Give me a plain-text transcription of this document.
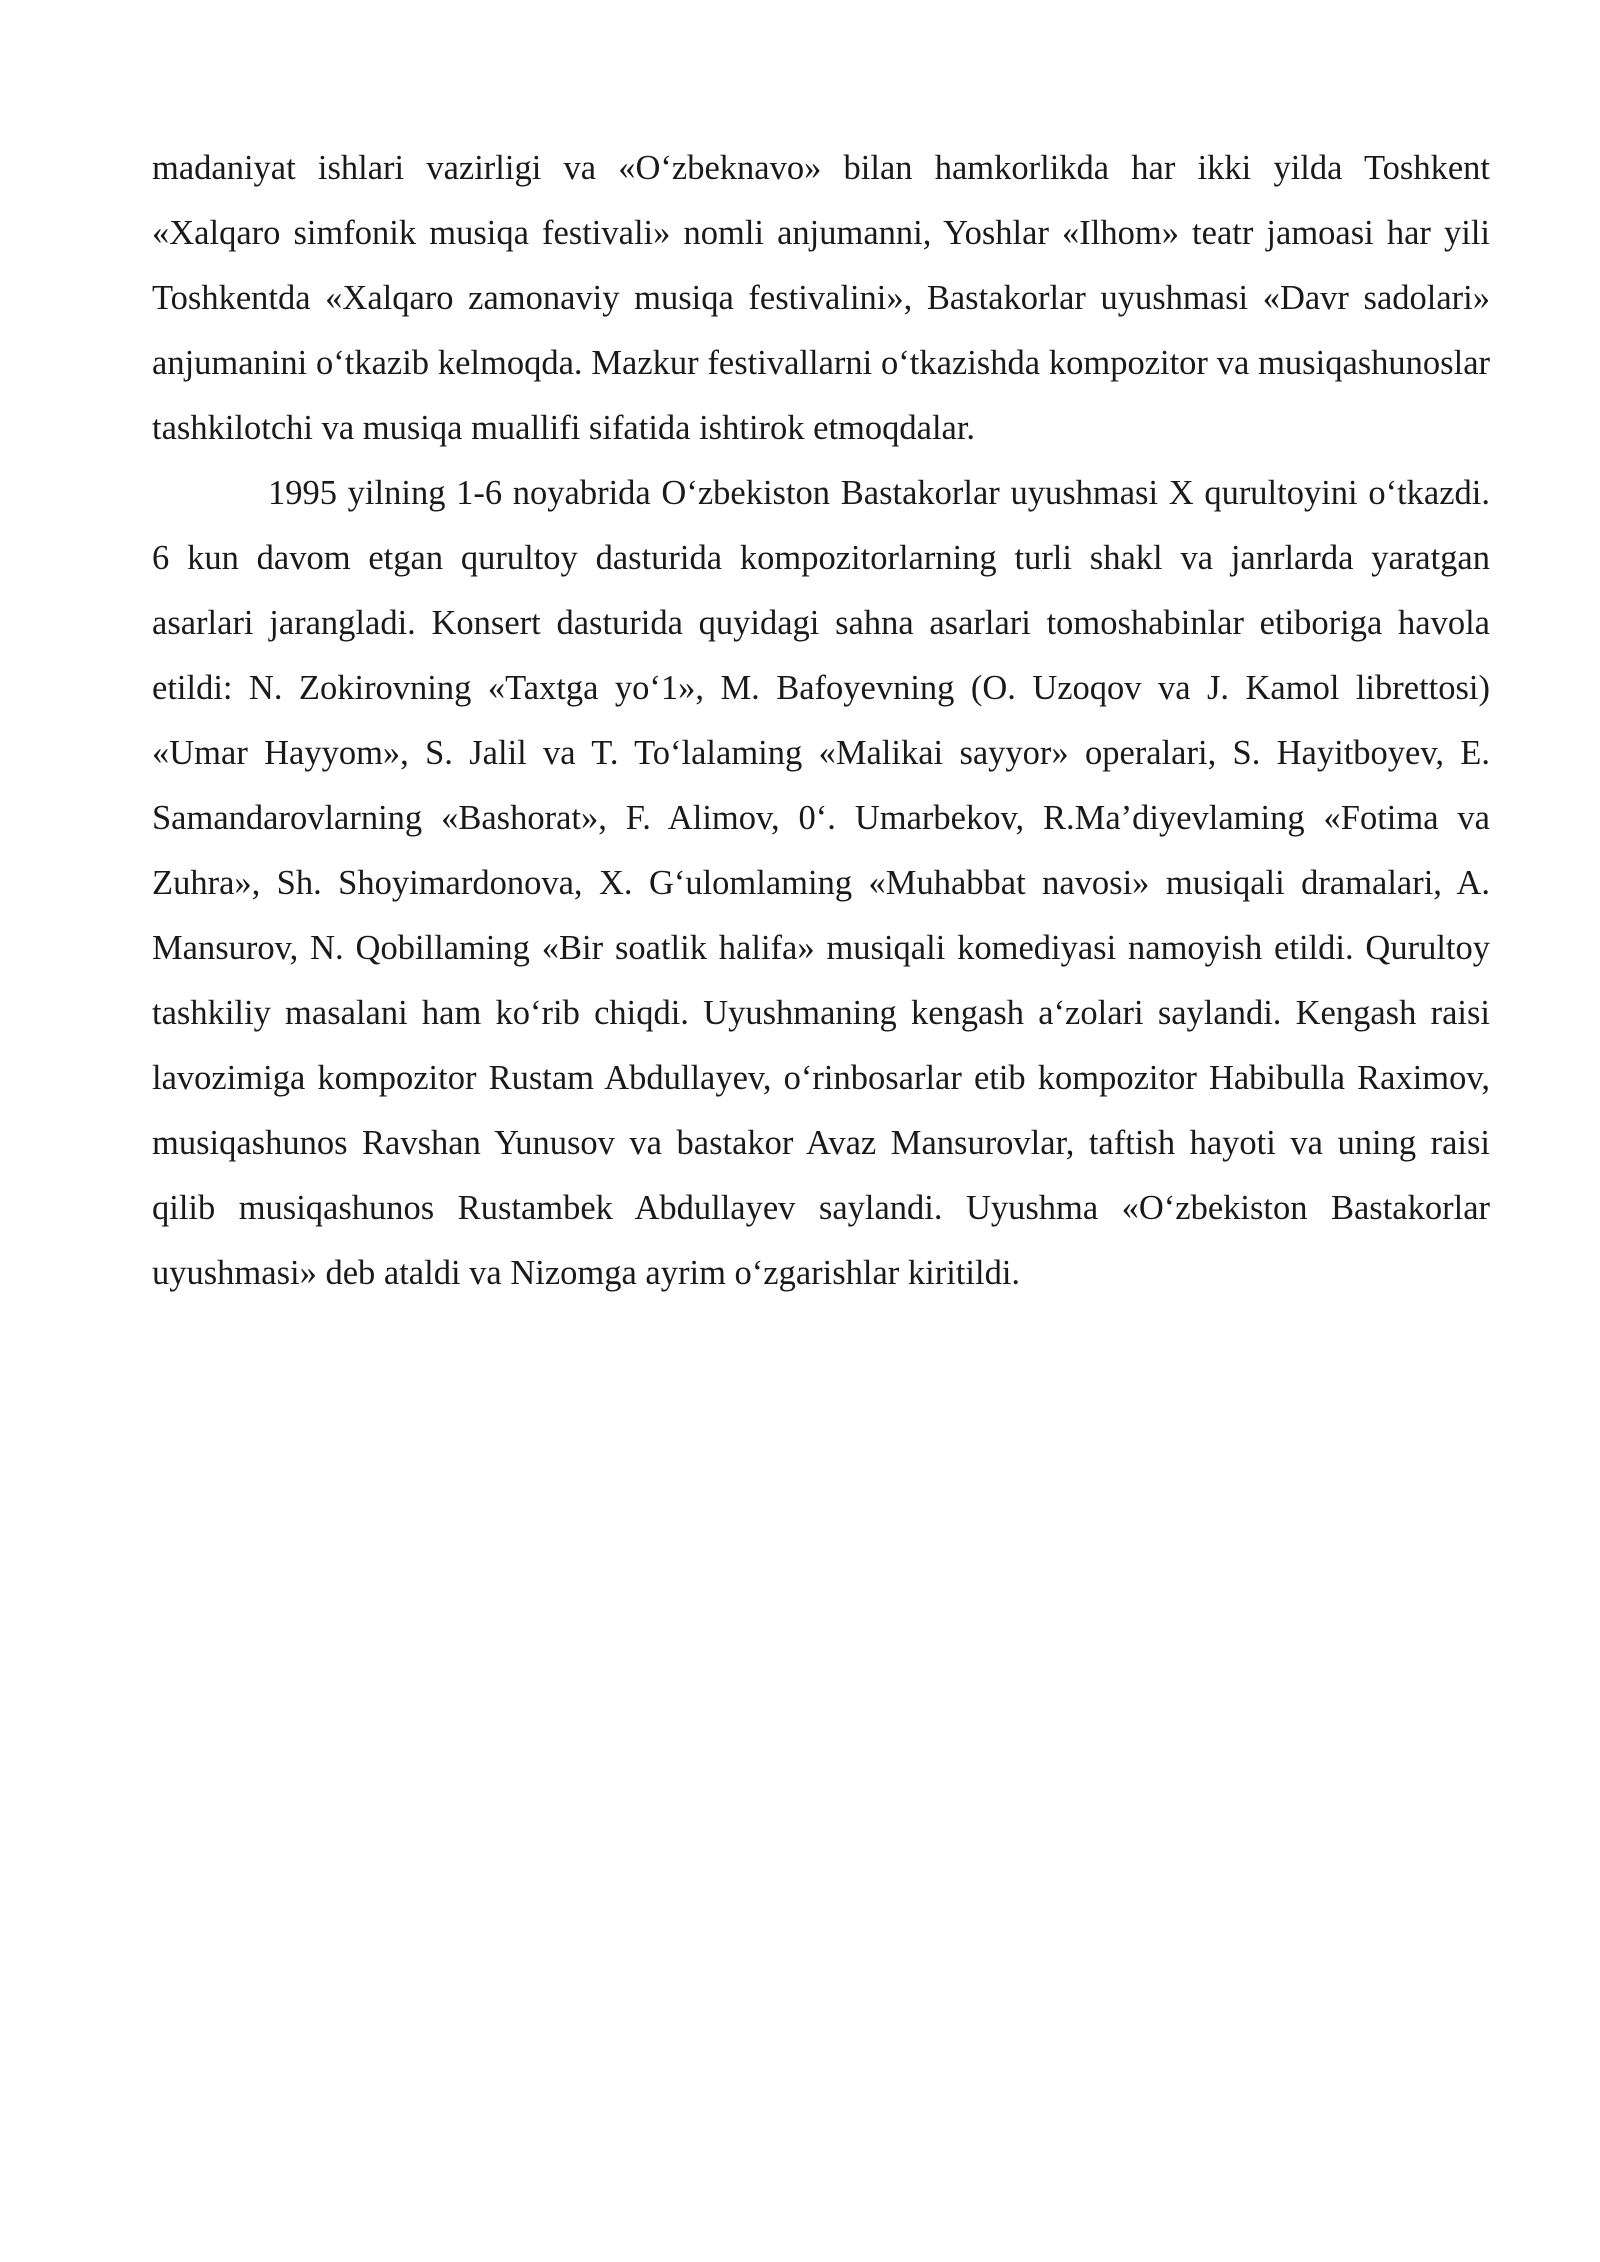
madaniyat ishlari vazirligi va «Oʻzbeknavo» bilan hamkorlikda har ikki yilda Toshkent «Xalqaro simfonik musiqa festivali» nomli anjumanni, Yoshlar «Ilhom» teatr jamoasi har yili Toshkentda «Xalqaro zamonaviy musiqa festivalini», Bastakorlar uyushmasi «Davr sadolari» anjumanini oʻtkazib kelmoqda. Mazkur festivallarni oʻtkazishda kompozitor va musiqashunoslar tashkilotchi va musiqa muallifi sifatida ishtirok etmoqdalar.

1995 yilning 1-6 noyabrida Oʻzbekiston Bastakorlar uyushmasi X qurultoyini oʻtkazdi. 6 kun davom etgan qurultoy dasturida kompozitorlarning turli shakl va janrlarda yaratgan asarlari jarangladi. Konsert dasturida quyidagi sahna asarlari tomoshabinlar etiboriga havola etildi: N. Zokirovning «Taxtga yoʻ1», M. Bafoyevning (O. Uzoqov va J. Kamol librettosi) «Umar Hayyom», S. Jalil va T. Toʻlalaming «Malikai sayyor» operalari, S. Hayitboyev, E. Samandarovlarning «Bashorat», F. Alimov, 0ʻ. Umarbekov, R.Ma’diyevlaming «Fotima va Zuhra», Sh. Shoyimardonova, X. Gʻulomlaming «Muhabbat navosi» musiqali dramalari, A. Mansurov, N. Qobillaming «Bir soatlik halifa» musiqali komediyasi namoyish etildi. Qurultoy tashkiliy masalani ham koʻrib chiqdi. Uyushmaning kengash aʻzolari saylandi. Kengash raisi lavozimiga kompozitor Rustam Abdullayev, oʻrinbosarlar etib kompozitor Habibulla Raximov, musiqashunos Ravshan Yunusov va bastakor Avaz Mansurovlar, taftish hayoti va uning raisi qilib musiqashunos Rustambek Abdullayev saylandi. Uyushma «Oʻzbekiston Bastakorlar uyushmasi» deb ataldi va Nizomga ayrim oʻzgarishlar kiritildi.
